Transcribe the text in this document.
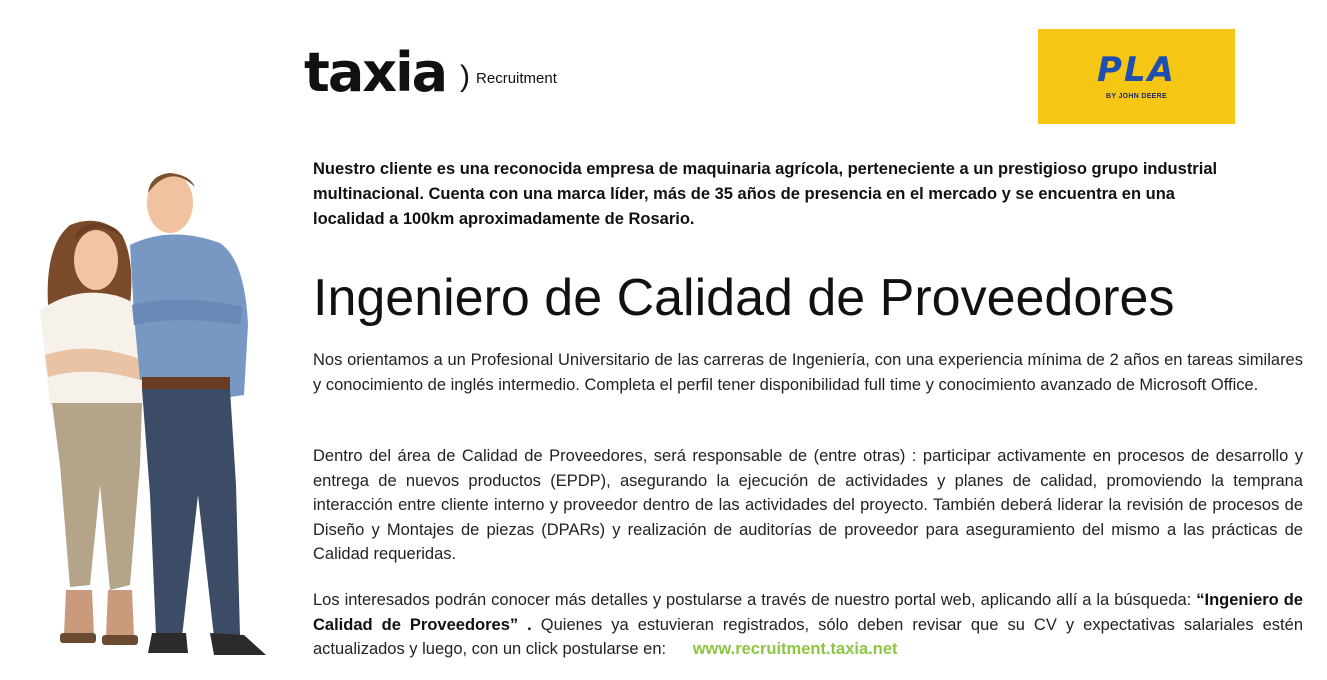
taxia ) Recruitment	PLA
BY JOHN DEERE
Nuestro cliente es una reconocida empresa de maquinaria agrícola, perteneciente a un prestigioso grupo industrial multinacional. Cuenta con una marca líder, más de 35 años de presencia en el mercado y se encuentra en una localidad a 100km aproximadamente de Rosario.
Ingeniero de Calidad de Proveedores
Nos orientamos a un Profesional Universitario de las carreras de Ingeniería, con una experiencia mínima de 2 años en tareas similares y conocimiento de inglés intermedio. Completa el perfil tener disponibilidad full time y conocimiento avanzado de Microsoft Office.
Dentro del área de Calidad de Proveedores, será responsable de (entre otras) : participar activamente en procesos de desarrollo y entrega de nuevos productos (EPDP), asegurando la ejecución de actividades y planes de calidad, promoviendo la temprana interacción entre cliente interno y proveedor dentro de las actividades del proyecto. También deberá liderar la revisión de procesos de Diseño y Montajes de piezas (DPARs) y realización de auditorías de proveedor para aseguramiento del mismo a las prácticas de Calidad requeridas.
Los interesados podrán conocer más detalles y postularse a través de nuestro portal web, aplicando allí a la búsqueda: “Ingeniero de Calidad de Proveedores” . Quienes ya estuvieran registrados, sólo deben revisar que su CV y expectativas salariales estén actualizados y luego, con un click postularse en: www.recruitment.taxia.net
